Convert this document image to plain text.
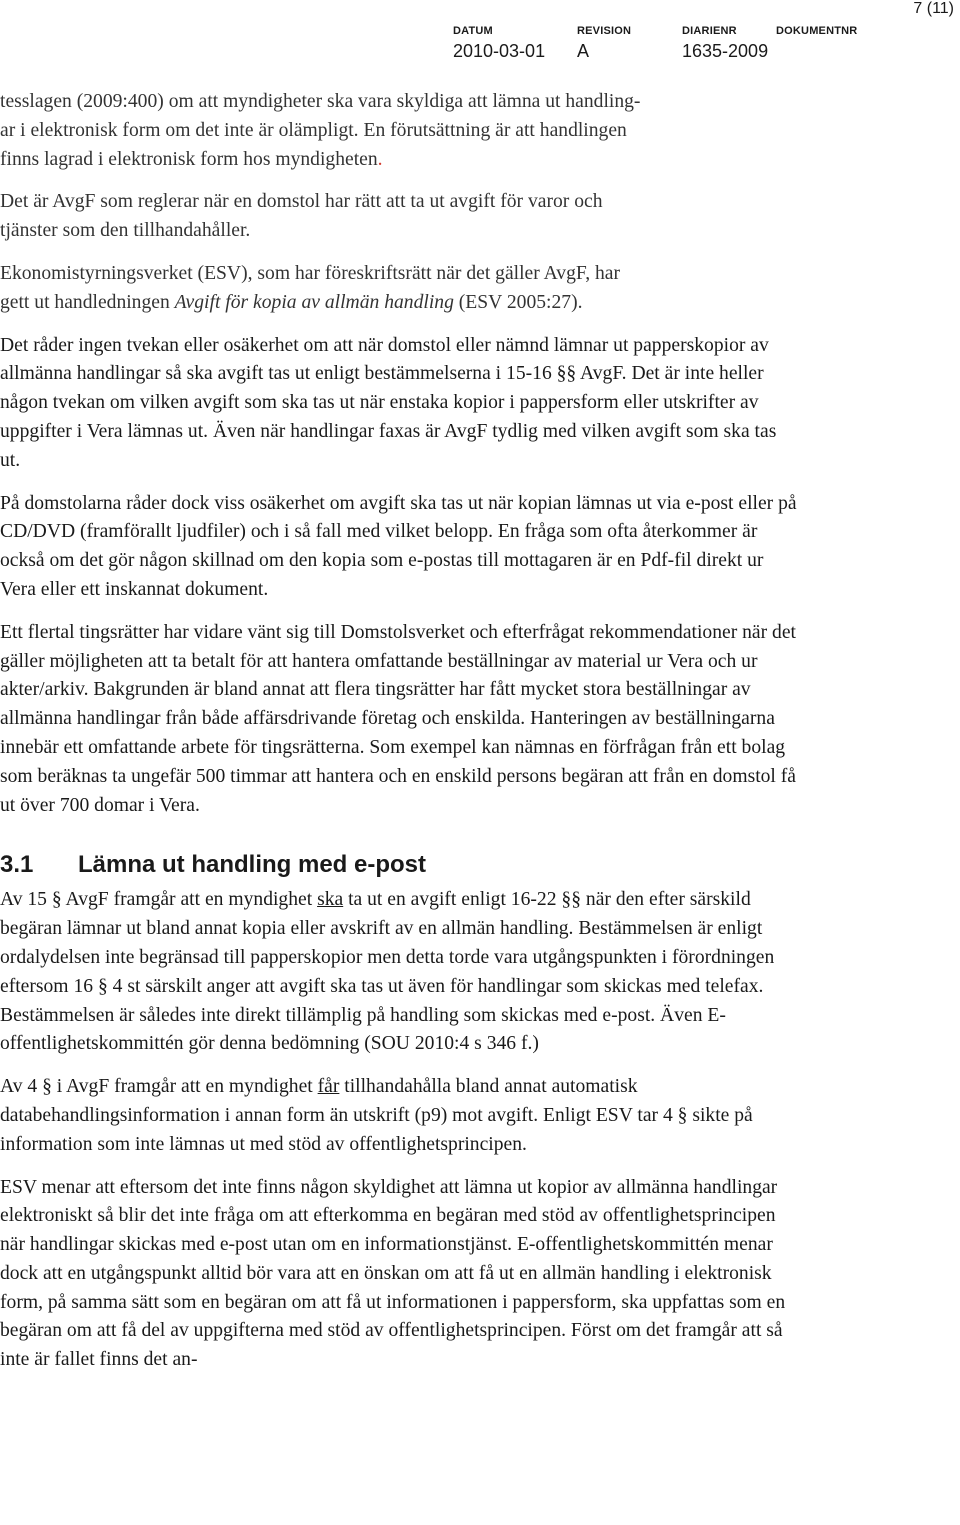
DATUM
2010-03-01
REVISION
A
DIARIENR
1635-2009
DOKUMENTNR
7 (11)

tesslagen (2009:400) om att myndigheter ska vara skyldiga att lämna ut handling-
ar i elektronisk form om det inte är olämpligt. En förutsättning är att handlingen
finns lagrad i elektronisk form hos myndigheten.

Det är AvgF som reglerar när en domstol har rätt att ta ut avgift för varor och
tjänster som den tillhandahåller.

Ekonomistyrningsverket (ESV), som har föreskriftsrätt när det gäller AvgF, har
gett ut handledningen Avgift för kopia av allmän handling (ESV 2005:27).

Det råder ingen tvekan eller osäkerhet om att när domstol eller nämnd lämnar ut papperskopior av allmänna handlingar så ska avgift tas ut enligt bestämmelserna i 15-16 §§ AvgF. Det är inte heller någon tvekan om vilken avgift som ska tas ut när enstaka kopior i pappersform eller utskrifter av uppgifter i Vera lämnas ut. Även när handlingar faxas är AvgF tydlig med vilken avgift som ska tas ut.

På domstolarna råder dock viss osäkerhet om avgift ska tas ut när kopian lämnas ut via e-post eller på CD/DVD (framförallt ljudfiler) och i så fall med vilket belopp. En fråga som ofta återkommer är också om det gör någon skillnad om den kopia som e-postas till mottagaren är en Pdf-fil direkt ur Vera eller ett inskannat dokument.

Ett flertal tingsrätter har vidare vänt sig till Domstolsverket och efterfrågat rekommendationer när det gäller möjligheten att ta betalt för att hantera omfattande beställningar av material ur Vera och ur akter/arkiv. Bakgrunden är bland annat att flera tingsrätter har fått mycket stora beställningar av allmänna handlingar från både affärsdrivande företag och enskilda. Hanteringen av beställningarna innebär ett omfattande arbete för tingsrätterna. Som exempel kan nämnas en förfrågan från ett bolag som beräknas ta ungefär 500 timmar att hantera och en enskild persons begäran att från en domstol få ut över 700 domar i Vera.

3.1 Lämna ut handling med e-post

Av 15 § AvgF framgår att en myndighet ska ta ut en avgift enligt 16-22 §§ när den efter särskild begäran lämnar ut bland annat kopia eller avskrift av en allmän handling. Bestämmelsen är enligt ordalydelsen inte begränsad till papperskopior men detta torde vara utgångspunkten i förordningen eftersom 16 § 4 st särskilt anger att avgift ska tas ut även för handlingar som skickas med telefax. Bestämmelsen är således inte direkt tillämplig på handling som skickas med e-post. Även E-offentlighetskommittén gör denna bedömning (SOU 2010:4 s 346 f.)

Av 4 § i AvgF framgår att en myndighet får tillhandahålla bland annat automatisk databehandlingsinformation i annan form än utskrift (p9) mot avgift. Enligt ESV tar 4 § sikte på information som inte lämnas ut med stöd av offentlighetsprincipen.

ESV menar att eftersom det inte finns någon skyldighet att lämna ut kopior av allmänna handlingar elektroniskt så blir det inte fråga om att efterkomma en begäran med stöd av offentlighetsprincipen när handlingar skickas med e-post utan om en informationstjänst. E-offentlighetskommittén menar dock att en utgångspunkt alltid bör vara att en önskan om att få ut en allmän handling i elektronisk form, på samma sätt som en begäran om att få ut informationen i pappersform, ska uppfattas som en begäran om att få del av uppgifterna med stöd av offentlighetsprincipen. Först om det framgår att så inte är fallet finns det an-
